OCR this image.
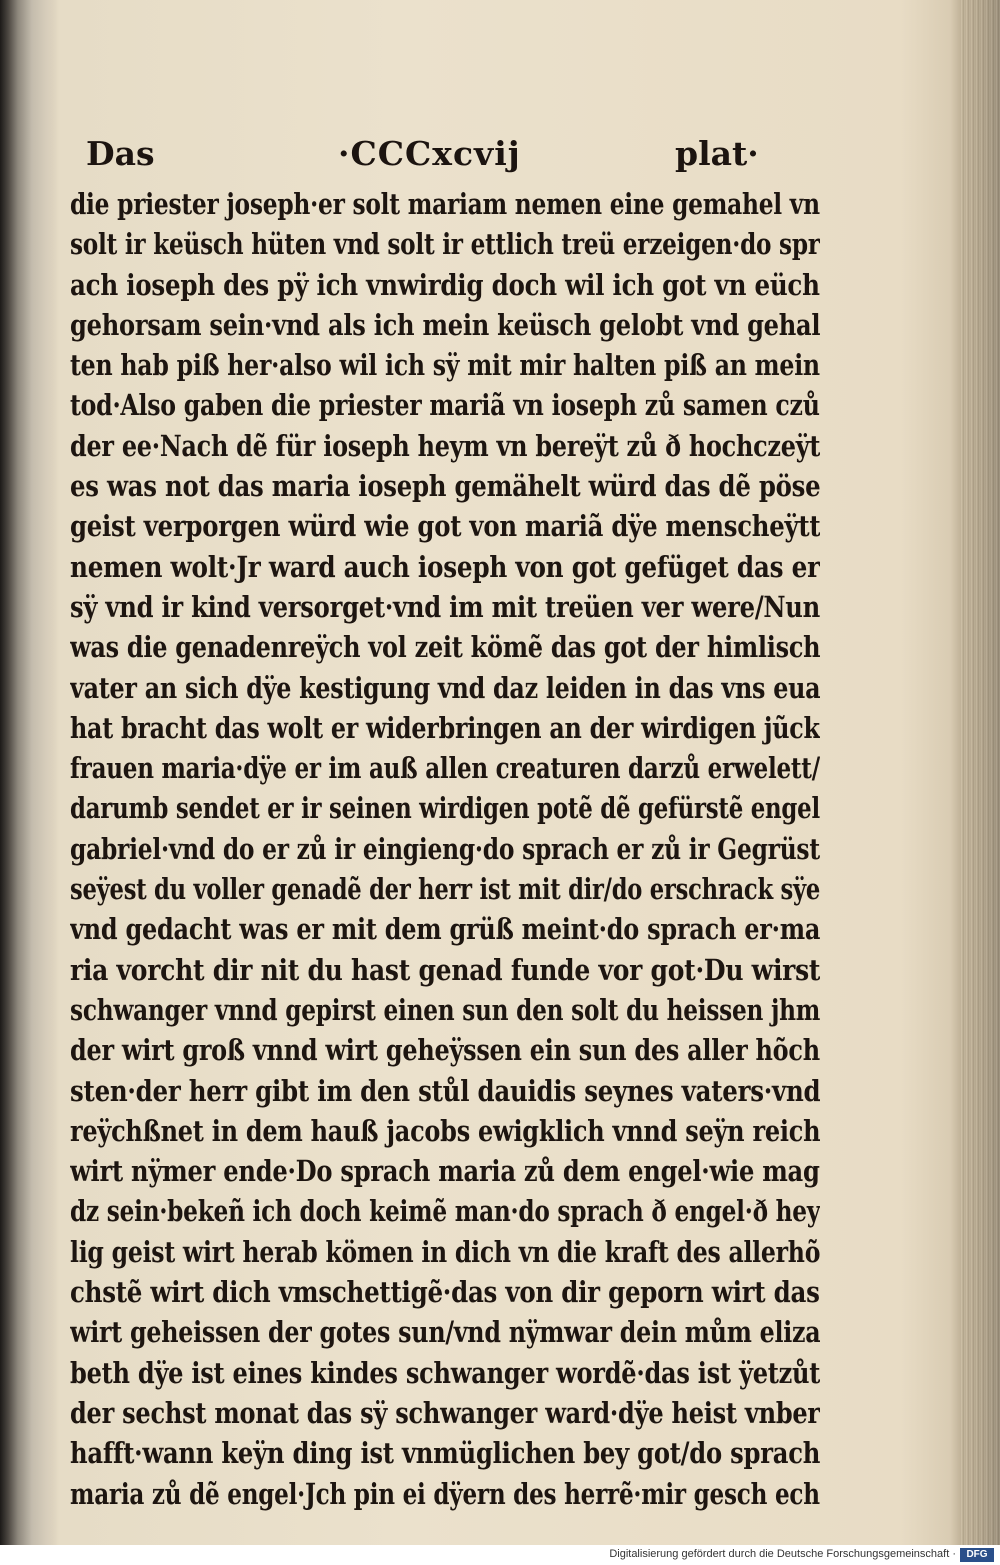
Das	·CCCxcvij	plat·
die priester joseph·er solt mariam nemen eine gemahel vn
solt ir keüsch hüten vnd solt ir ettlich treü erzeigen·do spr
ach ioseph des pÿ ich vnwirdig doch wil ich got vn eüch
gehorsam sein·vnd als ich mein keüsch gelobt vnd gehal
ten hab piß her·also wil ich sÿ mit mir halten piß an mein
tod·Also gaben die priester mariã vn ioseph zů samen czů
der ee·Nach dẽ für ioseph heym vn bereÿt zů ð hochczeÿt
es was not das maria ioseph gemähelt würd das dẽ pöse
geist verporgen würd wie got von mariã dÿe menscheÿtt
nemen wolt·Jr ward auch ioseph von got gefüget das er
sÿ vnd ir kind versorget·vnd im mit treüen ver were/Nun
was die genadenreÿch vol zeit kömẽ das got der himlisch
vater an sich dÿe kestigung vnd daz leiden in das vns eua
hat bracht das wolt er widerbringen an der wirdigen jũck
frauen maria·dÿe er im auß allen creaturen darzů erwelett/
darumb sendet er ir seinen wirdigen potẽ dẽ gefürstẽ engel
gabriel·vnd do er zů ir eingieng·do sprach er zů ir Gegrüst
seÿest du voller genadẽ der herr ist mit dir/do erschrack sÿe
vnd gedacht was er mit dem grüß meint·do sprach er·ma
ria vorcht dir nit du hast genad funde vor got·Du wirst
schwanger vnnd gepirst einen sun den solt du heissen jhm
der wirt groß vnnd wirt geheÿssen ein sun des aller hõch
sten·der herr gibt im den stůl dauidis seynes vaters·vnd
reÿchßnet in dem hauß jacobs ewigklich vnnd seÿn reich
wirt nÿmer ende·Do sprach maria zů dem engel·wie mag
dz sein·bekeñ ich doch keimẽ man·do sprach ð engel·ð hey
lig geist wirt herab kömen in dich vn die kraft des allerhõ
chstẽ wirt dich vmschettigẽ·das von dir geporn wirt das
wirt geheissen der gotes sun/vnd nÿmwar dein mům eliza
beth dÿe ist eines kindes schwanger wordẽ·das ist ÿetzůt
der sechst monat das sÿ schwanger ward·dÿe heist vnber
hafft·wann keÿn ding ist vnmüglichen bey got/do sprach
maria zů dẽ engel·Jch pin ei dÿern des herrẽ·mir gesch ech
Digitalisierung gefördert durch die Deutsche Forschungsgemeinschaft ·	DFG
